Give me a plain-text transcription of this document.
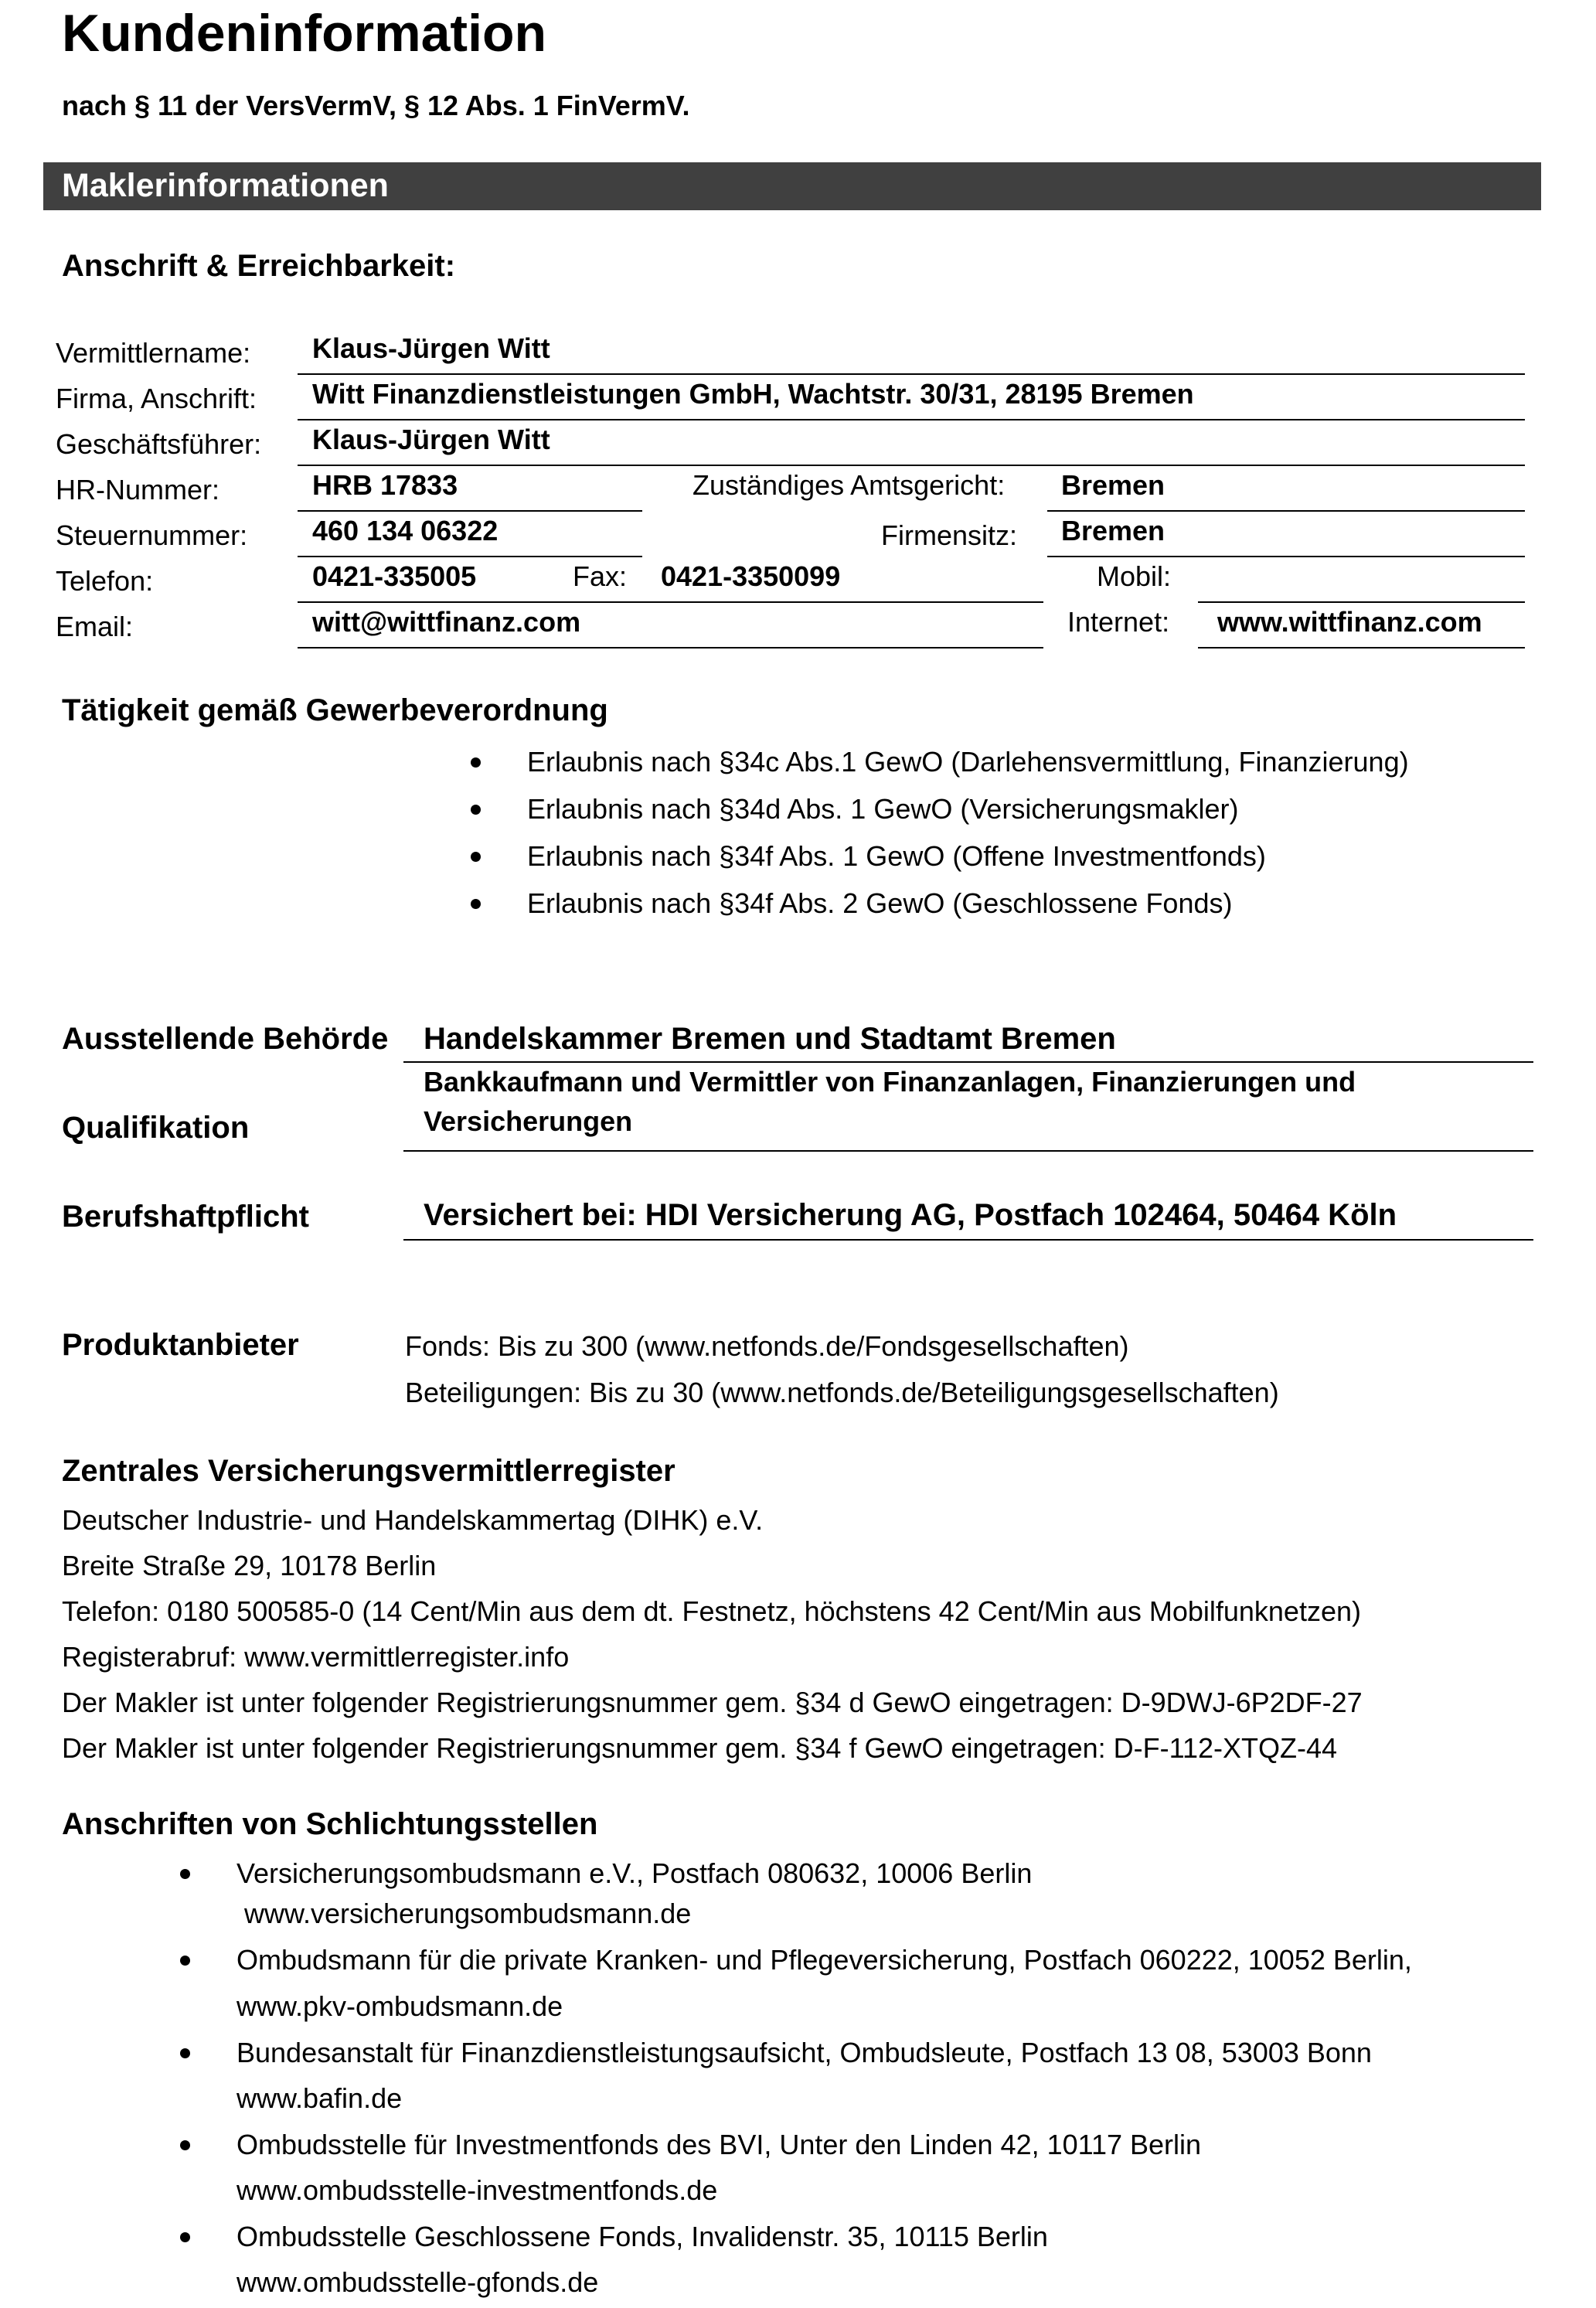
Kundeninformation
nach § 11 der VersVermV, § 12 Abs. 1 FinVermV.
Maklerinformationen
Anschrift & Erreichbarkeit:
Vermittlername: Klaus-Jürgen Witt
Firma, Anschrift: Witt Finanzdienstleistungen GmbH, Wachtstr. 30/31, 28195 Bremen
Geschäftsführer: Klaus-Jürgen Witt
HR-Nummer:	HRB 17833	Zuständiges Amtsgericht: Bremen
Steuernummer: 460 134 06322	Firmensitz: Bremen
Telefon:	0421-335005	Fax: 0421-3350099	Mobil:
Email:	witt@wittfinanz.com	Internet: www.wittfinanz.com
Tätigkeit gemäß Gewerbeverordnung
Erlaubnis nach §34c Abs.1 GewO (Darlehensvermittlung, Finanzierung)
Erlaubnis nach §34d Abs. 1 GewO (Versicherungsmakler)
Erlaubnis nach §34f Abs. 1 GewO (Offene Investmentfonds)
Erlaubnis nach §34f Abs. 2 GewO (Geschlossene Fonds)
Ausstellende Behörde Handelskammer Bremen und Stadtamt Bremen
Qualifikation
Bankkaufmann und Vermittler von Finanzanlagen, Finanzierungen und
Versicherungen
Berufshaftpflicht	Versichert bei: HDI Versicherung AG, Postfach 102464, 50464 Köln
Produktanbieter	Fonds: Bis zu 300 (www.netfonds.de/Fondsgesellschaften)
Beteiligungen: Bis zu 30 (www.netfonds.de/Beteiligungsgesellschaften)
Zentrales Versicherungsvermittlerregister
Deutscher Industrie- und Handelskammertag (DIHK) e.V.
Breite Straße 29, 10178 Berlin
Telefon: 0180 500585-0 (14 Cent/Min aus dem dt. Festnetz, höchstens 42 Cent/Min aus Mobilfunknetzen)
Registerabruf: www.vermittlerregister.info
Der Makler ist unter folgender Registrierungsnummer gem. §34 d GewO eingetragen: D-9DWJ-6P2DF-27
Der Makler ist unter folgender Registrierungsnummer gem. §34 f GewO eingetragen: D-F-112-XTQZ-44
Anschriften von Schlichtungsstellen
Versicherungsombudsmann e.V., Postfach 080632, 10006 Berlin
www.versicherungsombudsmann.de
Ombudsmann für die private Kranken- und Pflegeversicherung, Postfach 060222, 10052 Berlin,
www.pkv-ombudsmann.de
Bundesanstalt für Finanzdienstleistungsaufsicht, Ombudsleute, Postfach 13 08, 53003 Bonn
www.bafin.de
Ombudsstelle für Investmentfonds des BVI, Unter den Linden 42, 10117 Berlin
www.ombudsstelle-investmentfonds.de
Ombudsstelle Geschlossene Fonds, Invalidenstr. 35, 10115 Berlin
www.ombudsstelle-gfonds.de
